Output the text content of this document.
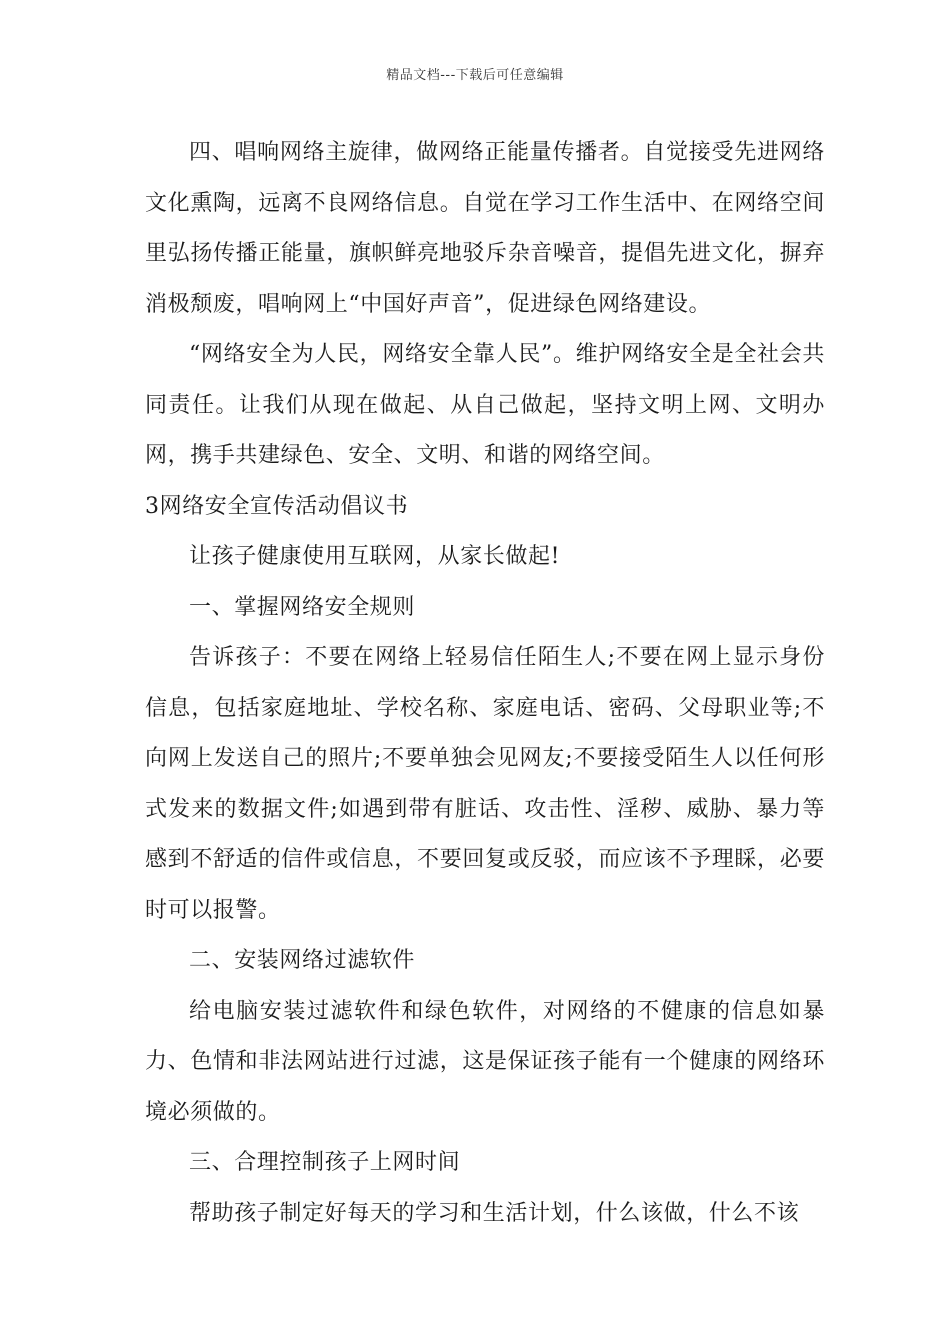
精品文档---下载后可任意编辑

四、唱响网络主旋律，做网络正能量传播者。自觉接受先进网络文化熏陶，远离不良网络信息。自觉在学习工作生活中、在网络空间里弘扬传播正能量，旗帜鲜亮地驳斥杂音噪音，提倡先进文化，摒弃消极颓废，唱响网上“中国好声音”，促进绿色网络建设。

“网络安全为人民，网络安全靠人民”。维护网络安全是全社会共同责任。让我们从现在做起、从自己做起，坚持文明上网、文明办网，携手共建绿色、安全、文明、和谐的网络空间。

3网络安全宣传活动倡议书

让孩子健康使用互联网，从家长做起!

一、掌握网络安全规则

告诉孩子：不要在网络上轻易信任陌生人;不要在网上显示身份信息，包括家庭地址、学校名称、家庭电话、密码、父母职业等;不向网上发送自己的照片;不要单独会见网友;不要接受陌生人以任何形式发来的数据文件;如遇到带有脏话、攻击性、淫秽、威胁、暴力等感到不舒适的信件或信息，不要回复或反驳，而应该不予理睬，必要时可以报警。

二、安装网络过滤软件

给电脑安装过滤软件和绿色软件，对网络的不健康的信息如暴力、色情和非法网站进行过滤，这是保证孩子能有一个健康的网络环境必须做的。

三、合理控制孩子上网时间

帮助孩子制定好每天的学习和生活计划，什么该做，什么不该
